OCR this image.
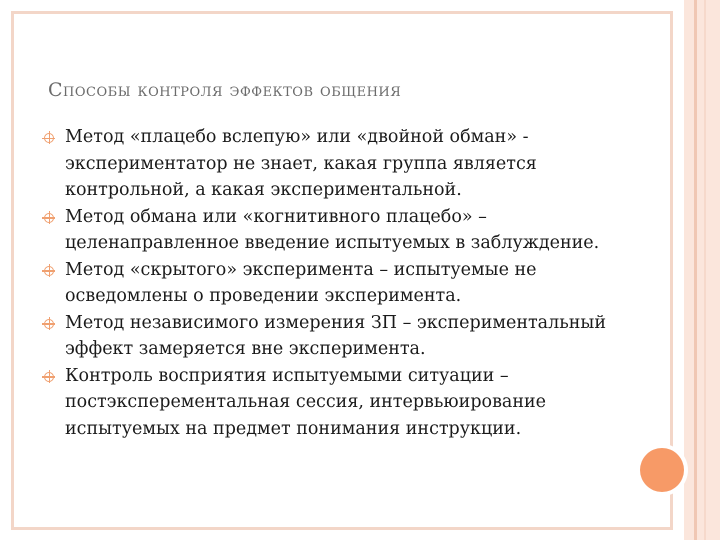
Способы контроля эффектов общения
Метод «плацебо вслепую» или «двойной обман» - экспериментатор не знает, какая группа является контрольной, а какая экспериментальной.
Метод обмана или «когнитивного плацебо» – целенаправленное введение испытуемых в заблуждение.
Метод «скрытого» эксперимента – испытуемые не осведомлены о проведении эксперимента.
Метод независимого измерения ЗП – экспериментальный эффект замеряется вне эксперимента.
Контроль восприятия испытуемыми ситуации – постэксперементальная сессия, интервьюирование испытуемых на предмет понимания инструкции.
